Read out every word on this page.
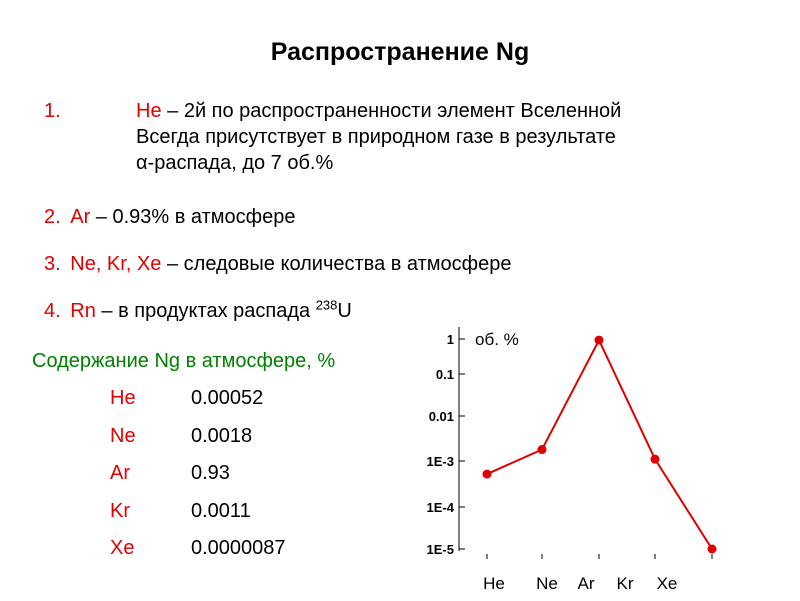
Распространение Ng
1.	He – 2й по распространенности элемент Вселенной
Всегда присутствует в природном газе в результате
α-распада, до 7 об.%
2. Ar – 0.93% в атмосфере
3. Ne, Kr, Xe – следовые количества в атмосфере
4. Rn – в продуктах распада $^{238}$U
Содержание Ng в атмосфере, %
He	0.00052
Ne	0.0018
Ar	0.93
Kr	0.0011
Xe	0.0000087
1
0.1
0.01
1E-3
1E-4
1E-5
об. %
He Ne Ar Kr Xe
